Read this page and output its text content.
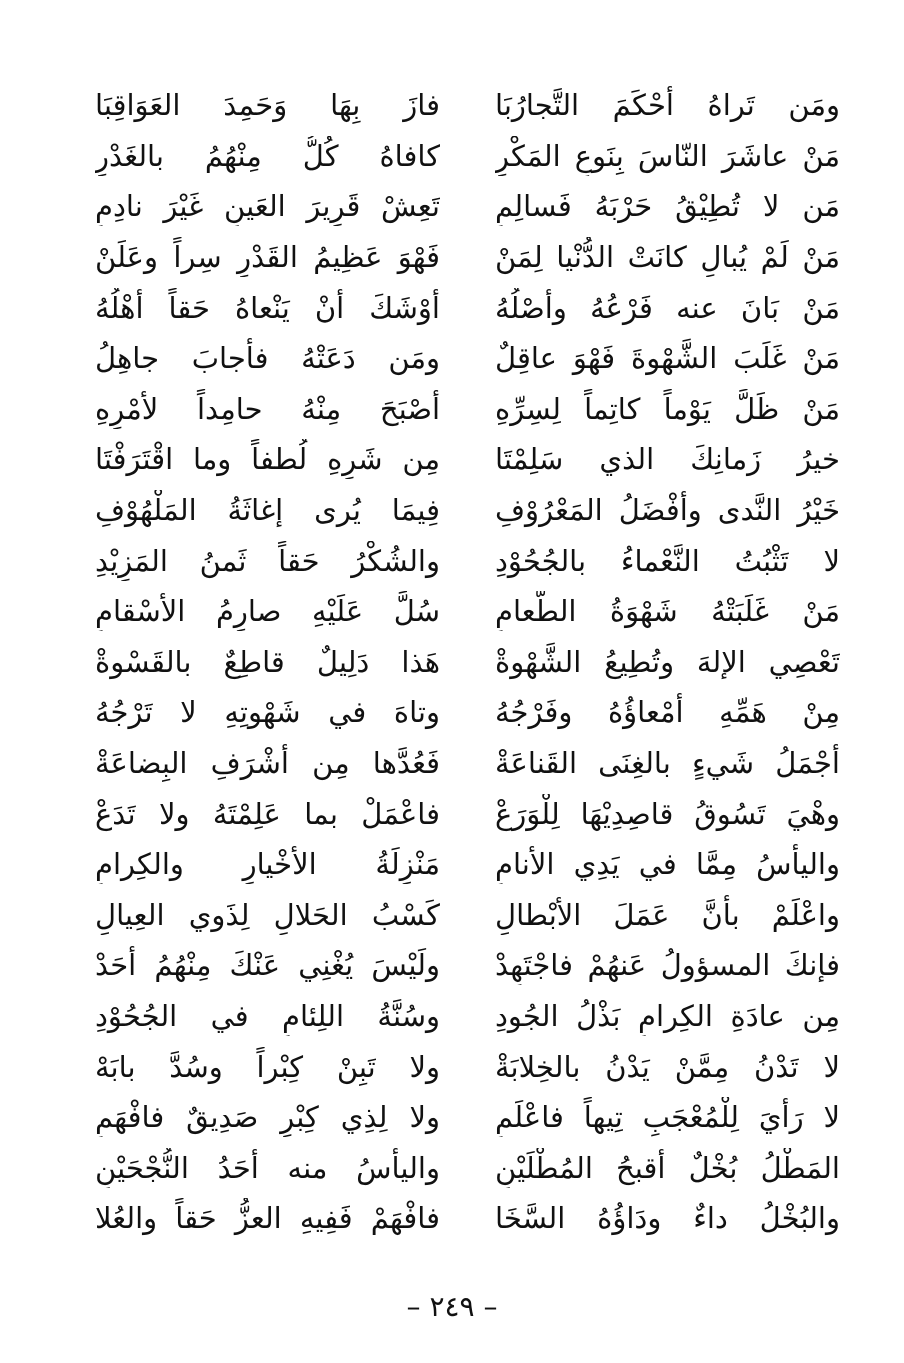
ومَن تَراهُ أحْكَمَ التَّجارُبَا
فازَ بِهَا وَحَمِدَ العَوَاقِبَا
مَنْ عاشَرَ النّاسَ بِنَوعِ المَكْرِ
كافاهُ كُلُّ مِنْهُمُ بالغَدْرِ
مَن لا تُطِيْقُ حَرْبَهُ فَسالِمِ
تَعِشْ قَرِيرَ العَينِ غَيْرَ نادِمِ
مَنْ لَمْ يُبالِ كانَتْ الدُّنْيا لِمَنْ
فَهْوَ عَظِيمُ القَدْرِ سِراً وعَلَنْ
مَنْ بَانَ عنه فَرْعُهُ وأصْلُهُ
أوْشَكَ أنْ يَنْعاهُ حَقاً أهْلُهُ
مَنْ غَلَبَ الشَّهْوةَ فَهْوَ عاقِلٌ
ومَن دَعَتْهُ فأجابَ جاهِلُ
مَنْ ظَلَّ يَوْماً كاتِماً لِسِرِّهِ
أصْبَحَ مِنْهُ حامِداً لأمْرِهِ
خيرُ زَمانِكَ الذي سَلِمْتَا
مِن شَرِهِ لُطفاً وما اقْتَرَفْتَا
خَيْرُ النَّدى وأفْضَلُ المَعْرُوْفِ
فِيمَا يُرى إغاثَةُ المَلْهُوْفِ
لا تَثْبُتُ النَّعْماءُ بالجُحُوْدِ
والشُكْرُ حَقاً ثَمنُ المَزِيْدِ
مَنْ غَلَبَتْهُ شَهْوَةُ الطَّعامِ
سُلَّ عَلَيْهِ صارِمُ الأسْقامِ
تَعْصِي الإلهَ وتُطِيعُ الشَّهْوةْ
هَذا دَلِيلٌ قاطِعٌ بالقَسْوةْ
مِنْ هَمِّهِ أمْعاؤُهُ وفَرْجُهُ
وتاهَ في شَهْوتِهِ لا تَرْجُهُ
أجْمَلُ شَيءٍ بالغِنَى القَناعَةْ
فَعُدَّها مِن أشْرَفِ البِضاعَةْ
وهْيَ تَسُوقُ قاصِدِيْهَا لِلْوَرَعْ
فاعْمَلْ بما عَلِمْتَهُ ولا تَدَعْ
واليأسُ مِمَّا في يَدِي الأنامِ
مَنْزِلَةُ الأخْيارِ والكِرامِ
واعْلَمْ بأنَّ عَمَلَ الأبْطالِ
كَسْبُ الحَلالِ لِذَوي العِيالِ
فإنكَ المسؤولُ عَنهُمْ فاجْتَهِدْ
ولَيْسَ يُغْنِي عَنْكَ مِنْهُمُ أحَدْ
مِن عادَةِ الكِرامِ بَذْلُ الجُودِ
وسُنَّةُ اللِئامِ في الجُحُوْدِ
لا تَدْنُ مِمَّنْ يَدْنُ بالخِلابَةْ
ولا تَبِنْ كِبْراً وسُدَّ بابَهْ
لا رَأْيَ لِلْمُعْجَبِ تِيهاً فاعْلَمِ
ولا لِذِي كِبْرٍ صَدِيقٌ فافْهَمِ
المَطْلُ بُخْلٌ أقبحُ المُطْلَيْنِ
واليأسُ منه أحَدُ النُّجْحَيْنِ
والبُخْلُ داءٌ ودَاؤُهُ السَّخَا
فافْهَمْ فَفِيهِ العزُّ حَقاً والعُلا
– ٢٤٩ –
